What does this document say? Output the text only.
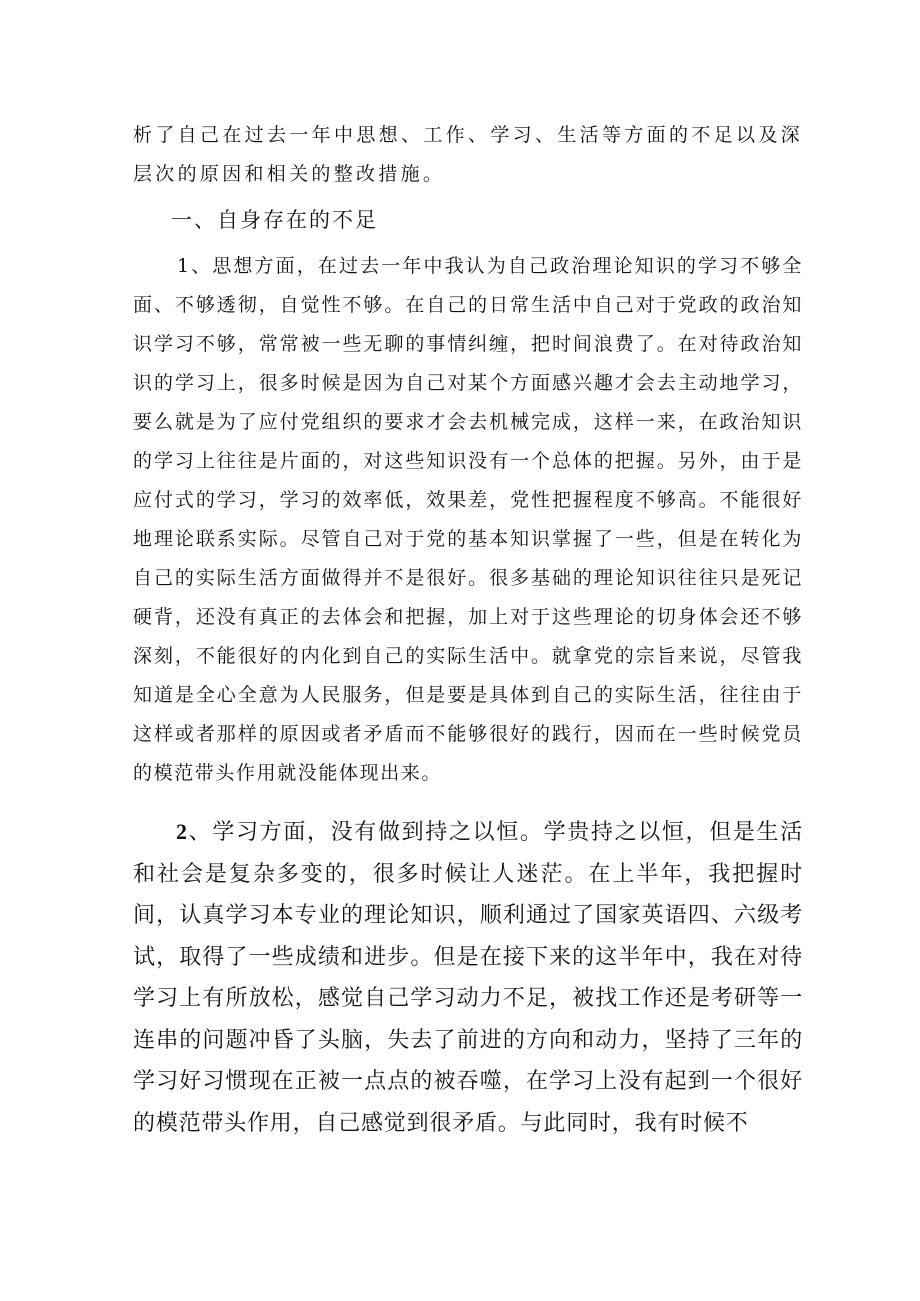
析了自己在过去一年中思想、工作、学习、生活等方面的不足以及深层次的原因和相关的整改措施。

一、自身存在的不足

1、思想方面，在过去一年中我认为自己政治理论知识的学习不够全面、不够透彻，自觉性不够。在自己的日常生活中自己对于党政的政治知识学习不够，常常被一些无聊的事情纠缠，把时间浪费了。在对待政治知识的学习上，很多时候是因为自己对某个方面感兴趣才会去主动地学习，要么就是为了应付党组织的要求才会去机械完成，这样一来，在政治知识的学习上往往是片面的，对这些知识没有一个总体的把握。另外，由于是应付式的学习，学习的效率低，效果差，党性把握程度不够高。不能很好地理论联系实际。尽管自己对于党的基本知识掌握了一些，但是在转化为自己的实际生活方面做得并不是很好。很多基础的理论知识往往只是死记硬背，还没有真正的去体会和把握，加上对于这些理论的切身体会还不够深刻，不能很好的内化到自己的实际生活中。就拿党的宗旨来说，尽管我知道是全心全意为人民服务，但是要是具体到自己的实际生活，往往由于这样或者那样的原因或者矛盾而不能够很好的践行，因而在一些时候党员的模范带头作用就没能体现出来。

2、学习方面，没有做到持之以恒。学贵持之以恒，但是生活和社会是复杂多变的，很多时候让人迷茫。在上半年，我把握时间，认真学习本专业的理论知识，顺利通过了国家英语四、六级考试，取得了一些成绩和进步。但是在接下来的这半年中，我在对待学习上有所放松，感觉自己学习动力不足，被找工作还是考研等一连串的问题冲昏了头脑，失去了前进的方向和动力，坚持了三年的学习好习惯现在正被一点点的被吞噬，在学习上没有起到一个很好的模范带头作用，自己感觉到很矛盾。与此同时，我有时候不
